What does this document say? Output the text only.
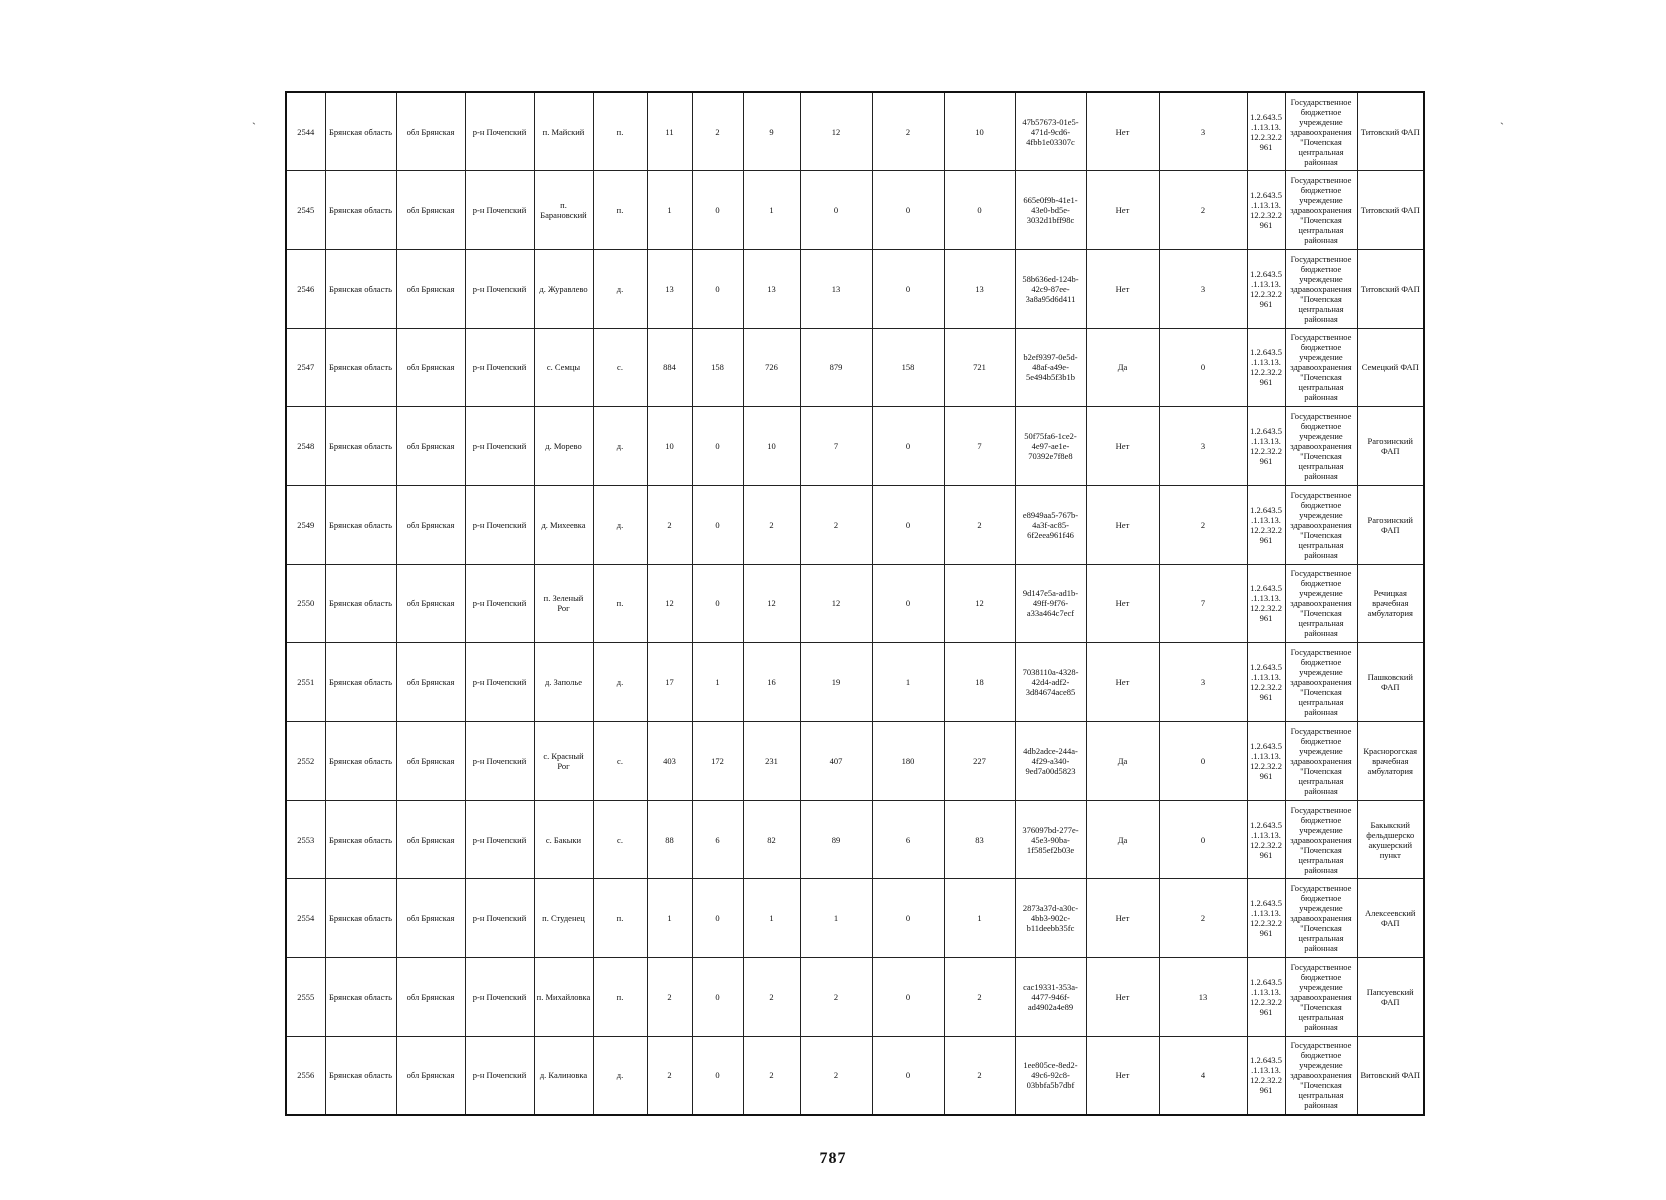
`	`
2544	Брянская область	обл Брянская	р-н Почепский	п. Майский	п.	11	2	9	12	2	10	47b57673-01e5-471d-9cd6-4fbb1e03307c	Нет	3	1.2.643.5.1.13.13.12.2.32.2961	Государственное бюджетное учреждение здравоохранения "Почепская центральная районная	Титовский ФАП
2545	Брянская область	обл Брянская	р-н Почепский	п. Барановский	п.	1	0	1	0	0	0	665e0f9b-41e1-43e0-bd5e-3032d1bff98c	Нет	2	1.2.643.5.1.13.13.12.2.32.2961	Государственное бюджетное учреждение здравоохранения "Почепская центральная районная	Титовский ФАП
2546	Брянская область	обл Брянская	р-н Почепский	д. Журавлево	д.	13	0	13	13	0	13	58b636ed-124b-42c9-87ee-3a8a95d6d411	Нет	3	1.2.643.5.1.13.13.12.2.32.2961	Государственное бюджетное учреждение здравоохранения "Почепская центральная районная	Титовский ФАП
2547	Брянская область	обл Брянская	р-н Почепский	с. Семцы	с.	884	158	726	879	158	721	b2ef9397-0e5d-48af-a49e-5e494b5f3b1b	Да	0	1.2.643.5.1.13.13.12.2.32.2961	Государственное бюджетное учреждение здравоохранения "Почепская центральная районная	Семецкий ФАП
2548	Брянская область	обл Брянская	р-н Почепский	д. Морево	д.	10	0	10	7	0	7	50f75fa6-1ce2-4e97-ae1e-70392e7f8e8	Нет	3	1.2.643.5.1.13.13.12.2.32.2961	Государственное бюджетное учреждение здравоохранения "Почепская центральная районная	Рагозинский ФАП
2549	Брянская область	обл Брянская	р-н Почепский	д. Михеевка	д.	2	0	2	2	0	2	e8949aa5-767b-4a3f-ac85-6f2eea961f46	Нет	2	1.2.643.5.1.13.13.12.2.32.2961	Государственное бюджетное учреждение здравоохранения "Почепская центральная районная	Рагозинский ФАП
2550	Брянская область	обл Брянская	р-н Почепский	п. Зеленый Рог	п.	12	0	12	12	0	12	9d147e5a-ad1b-49ff-9f76-a33a464c7ecf	Нет	7	1.2.643.5.1.13.13.12.2.32.2961	Государственное бюджетное учреждение здравоохранения "Почепская центральная районная	Речицкая врачебная амбулатория
2551	Брянская область	обл Брянская	р-н Почепский	д. Заполье	д.	17	1	16	19	1	18	7038110a-4328-42d4-adf2-3d84674ace85	Нет	3	1.2.643.5.1.13.13.12.2.32.2961	Государственное бюджетное учреждение здравоохранения "Почепская центральная районная	Пашковский ФАП
2552	Брянская область	обл Брянская	р-н Почепский	с. Красный Рог	с.	403	172	231	407	180	227	4db2adce-244a-4f29-a340-9ed7a00d5823	Да	0	1.2.643.5.1.13.13.12.2.32.2961	Государственное бюджетное учреждение здравоохранения "Почепская центральная районная	Краснорогская врачебная амбулатория
2553	Брянская область	обл Брянская	р-н Почепский	с. Бакыки	с.	88	6	82	89	6	83	376097bd-277e-45e3-90ba-1f585ef2b03e	Да	0	1.2.643.5.1.13.13.12.2.32.2961	Государственное бюджетное учреждение здравоохранения "Почепская центральная районная	Бакыкский фельдшерско акушерский пункт
2554	Брянская область	обл Брянская	р-н Почепский	п. Студенец	п.	1	0	1	1	0	1	2873a37d-a30c-4bb3-902c-b11deebb35fc	Нет	2	1.2.643.5.1.13.13.12.2.32.2961	Государственное бюджетное учреждение здравоохранения "Почепская центральная районная	Алексеевский ФАП
2555	Брянская область	обл Брянская	р-н Почепский	п. Михайловка	п.	2	0	2	2	0	2	cac19331-353a-4477-946f-ad4902a4e89	Нет	13	1.2.643.5.1.13.13.12.2.32.2961	Государственное бюджетное учреждение здравоохранения "Почепская центральная районная	Папсуевский ФАП
2556	Брянская область	обл Брянская	р-н Почепский	д. Калиновка	д.	2	0	2	2	0	2	1ee805ce-8ed2-49c6-92c8-03bbfa5b7dbf	Нет	4	1.2.643.5.1.13.13.12.2.32.2961	Государственное бюджетное учреждение здравоохранения "Почепская центральная районная	Витовский ФАП
787
